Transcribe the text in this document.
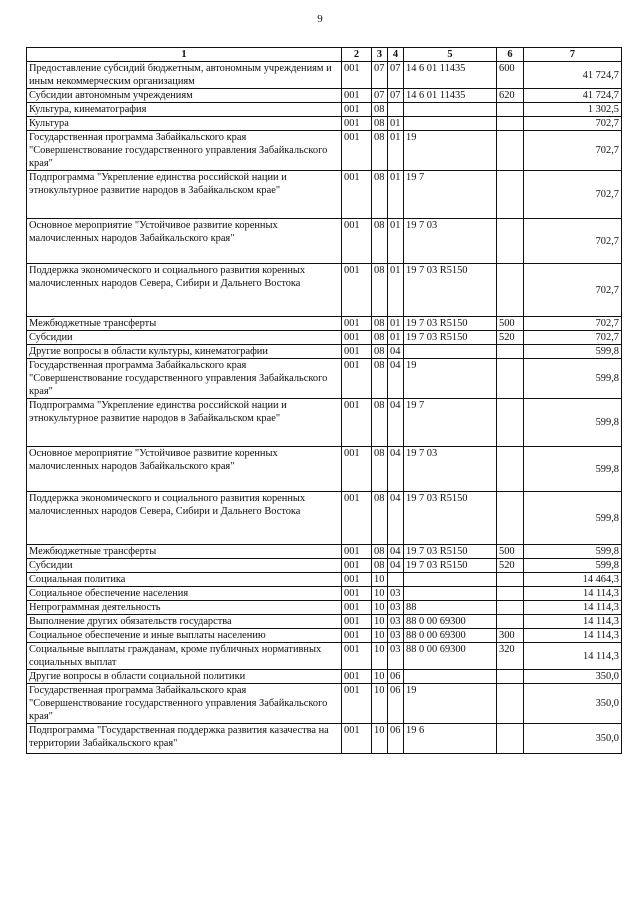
9
1	2	3	4	5	6	7
Предоставление субсидий бюджетным, автономным учреждениям и иным некоммерческим организациям	001	07	07	14 6 01 11435	600	41 724,7
Субсидии автономным учреждениям	001	07	07	14 6 01 11435	620	41 724,7
Культура, кинематография	001	08				1 302,5
Культура	001	08	01			702,7
Государственная программа Забайкальского края "Совершенствование государственного управления Забайкальского края"	001	08	01	19		702,7
Подпрограмма "Укрепление единства российской нации и этнокультурное развитие народов в Забайкальском крае"	001	08	01	19 7		702,7
Основное мероприятие "Устойчивое развитие коренных малочисленных народов Забайкальского края"	001	08	01	19 7 03		702,7
Поддержка экономического и социального развития коренных малочисленных народов Севера, Сибири и Дальнего Востока	001	08	01	19 7 03 R5150		702,7
Межбюджетные трансферты	001	08	01	19 7 03 R5150	500	702,7
Субсидии	001	08	01	19 7 03 R5150	520	702,7
Другие вопросы в области культуры, кинематографии	001	08	04			599,8
Государственная программа Забайкальского края "Совершенствование государственного управления Забайкальского края"	001	08	04	19		599,8
Подпрограмма "Укрепление единства российской нации и этнокультурное развитие народов в Забайкальском крае"	001	08	04	19 7		599,8
Основное мероприятие "Устойчивое развитие коренных малочисленных народов Забайкальского края"	001	08	04	19 7 03		599,8
Поддержка экономического и социального развития коренных малочисленных народов Севера, Сибири и Дальнего Востока	001	08	04	19 7 03 R5150		599,8
Межбюджетные трансферты	001	08	04	19 7 03 R5150	500	599,8
Субсидии	001	08	04	19 7 03 R5150	520	599,8
Социальная политика	001	10				14 464,3
Социальное обеспечение населения	001	10	03			14 114,3
Непрограммная деятельность	001	10	03	88		14 114,3
Выполнение других обязательств государства	001	10	03	88 0 00 69300		14 114,3
Социальное обеспечение и иные выплаты населению	001	10	03	88 0 00 69300	300	14 114,3
Социальные выплаты гражданам, кроме публичных нормативных социальных выплат	001	10	03	88 0 00 69300	320	14 114,3
Другие вопросы в области социальной политики	001	10	06			350,0
Государственная программа Забайкальского края "Совершенствование государственного управления Забайкальского края"	001	10	06	19		350,0
Подпрограмма "Государственная поддержка развития казачества на территории Забайкальского края"	001	10	06	19 6		350,0
